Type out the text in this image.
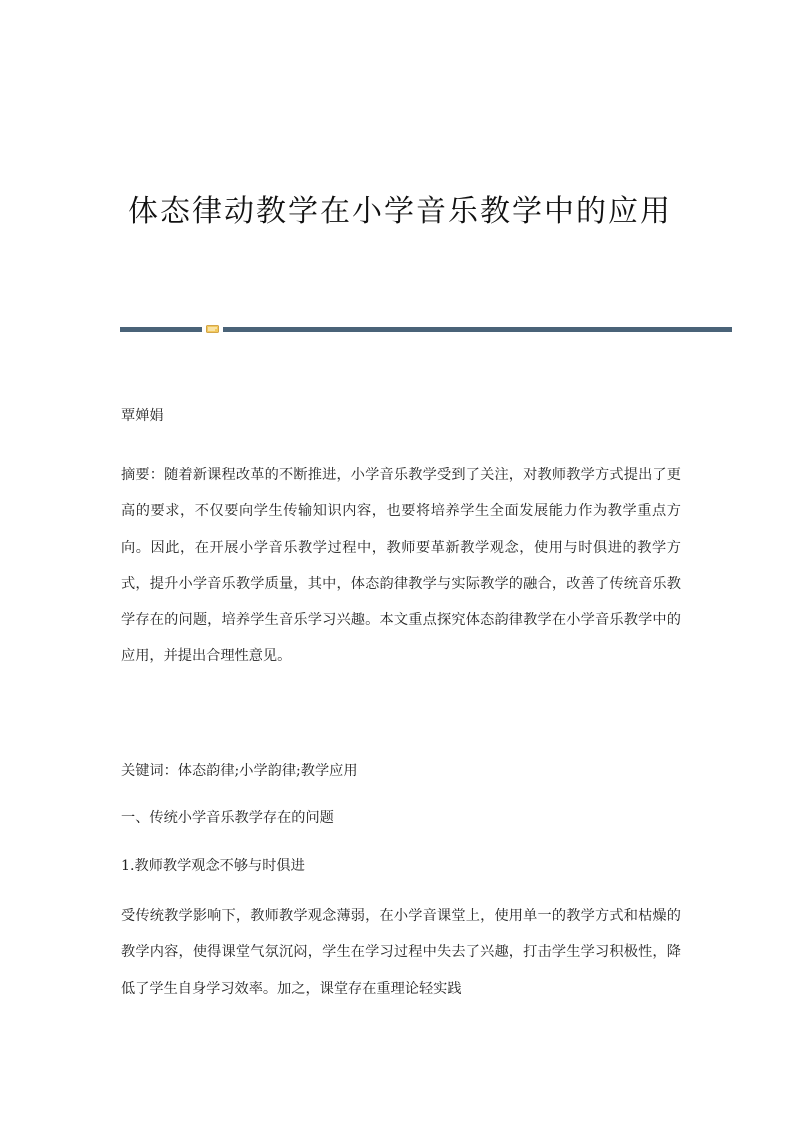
体态律动教学在小学音乐教学中的应用

覃婵娟

摘要：随着新课程改革的不断推进，小学音乐教学受到了关注，对教师教学方式提出了更高的要求，不仅要向学生传输知识内容，也要将培养学生全面发展能力作为教学重点方向。因此，在开展小学音乐教学过程中，教师要革新教学观念，使用与时俱进的教学方式，提升小学音乐教学质量，其中，体态韵律教学与实际教学的融合，改善了传统音乐教学存在的问题，培养学生音乐学习兴趣。本文重点探究体态韵律教学在小学音乐教学中的应用，并提出合理性意见。

关键词：体态韵律;小学韵律;教学应用

一、传统小学音乐教学存在的问题

1.教师教学观念不够与时俱进

受传统教学影响下，教师教学观念薄弱，在小学音课堂上，使用单一的教学方式和枯燥的教学内容，使得课堂气氛沉闷，学生在学习过程中失去了兴趣，打击学生学习积极性，降低了学生自身学习效率。加之，课堂存在重理论轻实践
